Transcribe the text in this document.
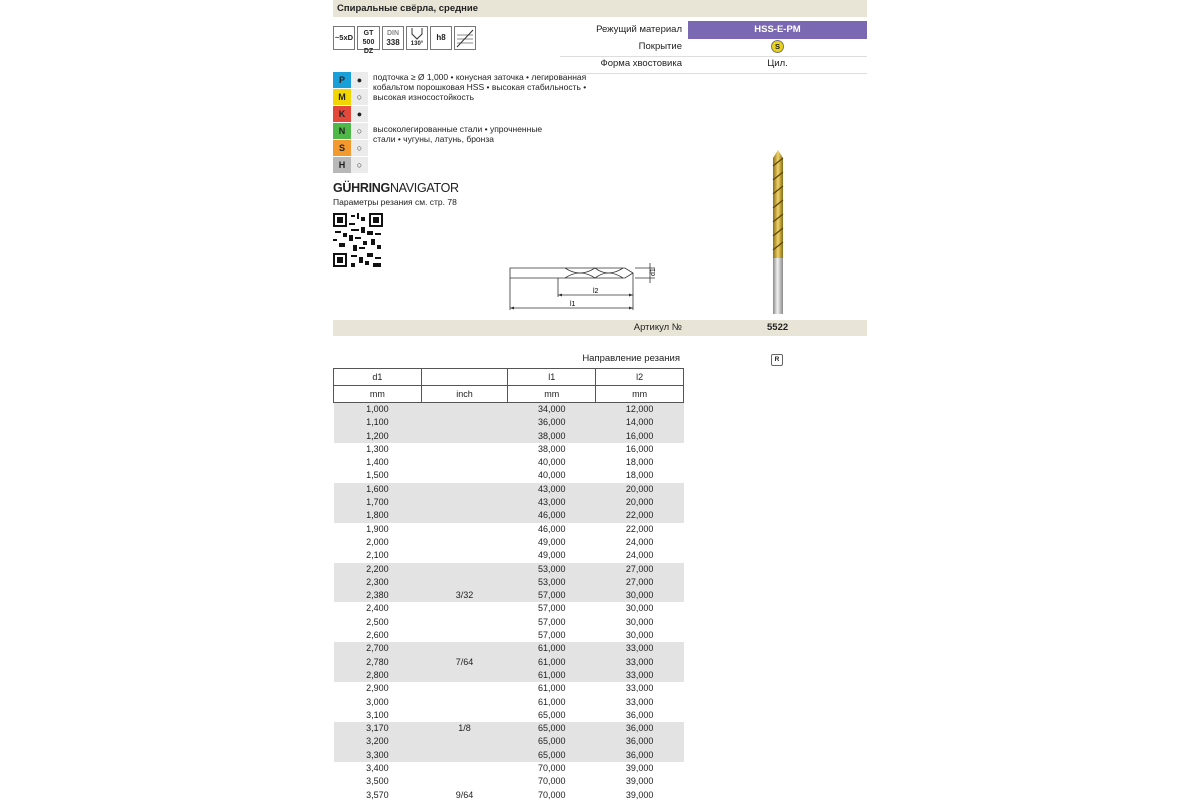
Спиральные свёрла, средние
~5xD	GT 500
DZ
DIN
338	130°
h8
Режущий материал	HSS-E-PM
Покрытие	S
Форма хвостовика	Цил.
P	●
M	○
K	●
N	○
S	○
H	○
подточка ≥ Ø 1,000 • конусная заточка • легированная кобальтом порошковая HSS • высокая стабильность • высокая износостойкость
высоколегированные стали • упрочненные стали • чугуны, латунь, бронза
GÜHRINGNAVIGATOR
Параметры резания см. стр. 78
d1
l2
l1
Артикул №	5522
Направление резания	R
d1		l1	l2
mm	inch	mm	mm
1,000		34,000	12,000
1,100		36,000	14,000
1,200		38,000	16,000
1,300		38,000	16,000
1,400		40,000	18,000
1,500		40,000	18,000
1,600		43,000	20,000
1,700		43,000	20,000
1,800		46,000	22,000
1,900		46,000	22,000
2,000		49,000	24,000
2,100		49,000	24,000
2,200		53,000	27,000
2,300		53,000	27,000
2,380	3/32	57,000	30,000
2,400		57,000	30,000
2,500		57,000	30,000
2,600		57,000	30,000
2,700		61,000	33,000
2,780	7/64	61,000	33,000
2,800		61,000	33,000
2,900		61,000	33,000
3,000		61,000	33,000
3,100		65,000	36,000
3,170	1/8	65,000	36,000
3,200		65,000	36,000
3,300		65,000	36,000
3,400		70,000	39,000
3,500		70,000	39,000
3,570	9/64	70,000	39,000
